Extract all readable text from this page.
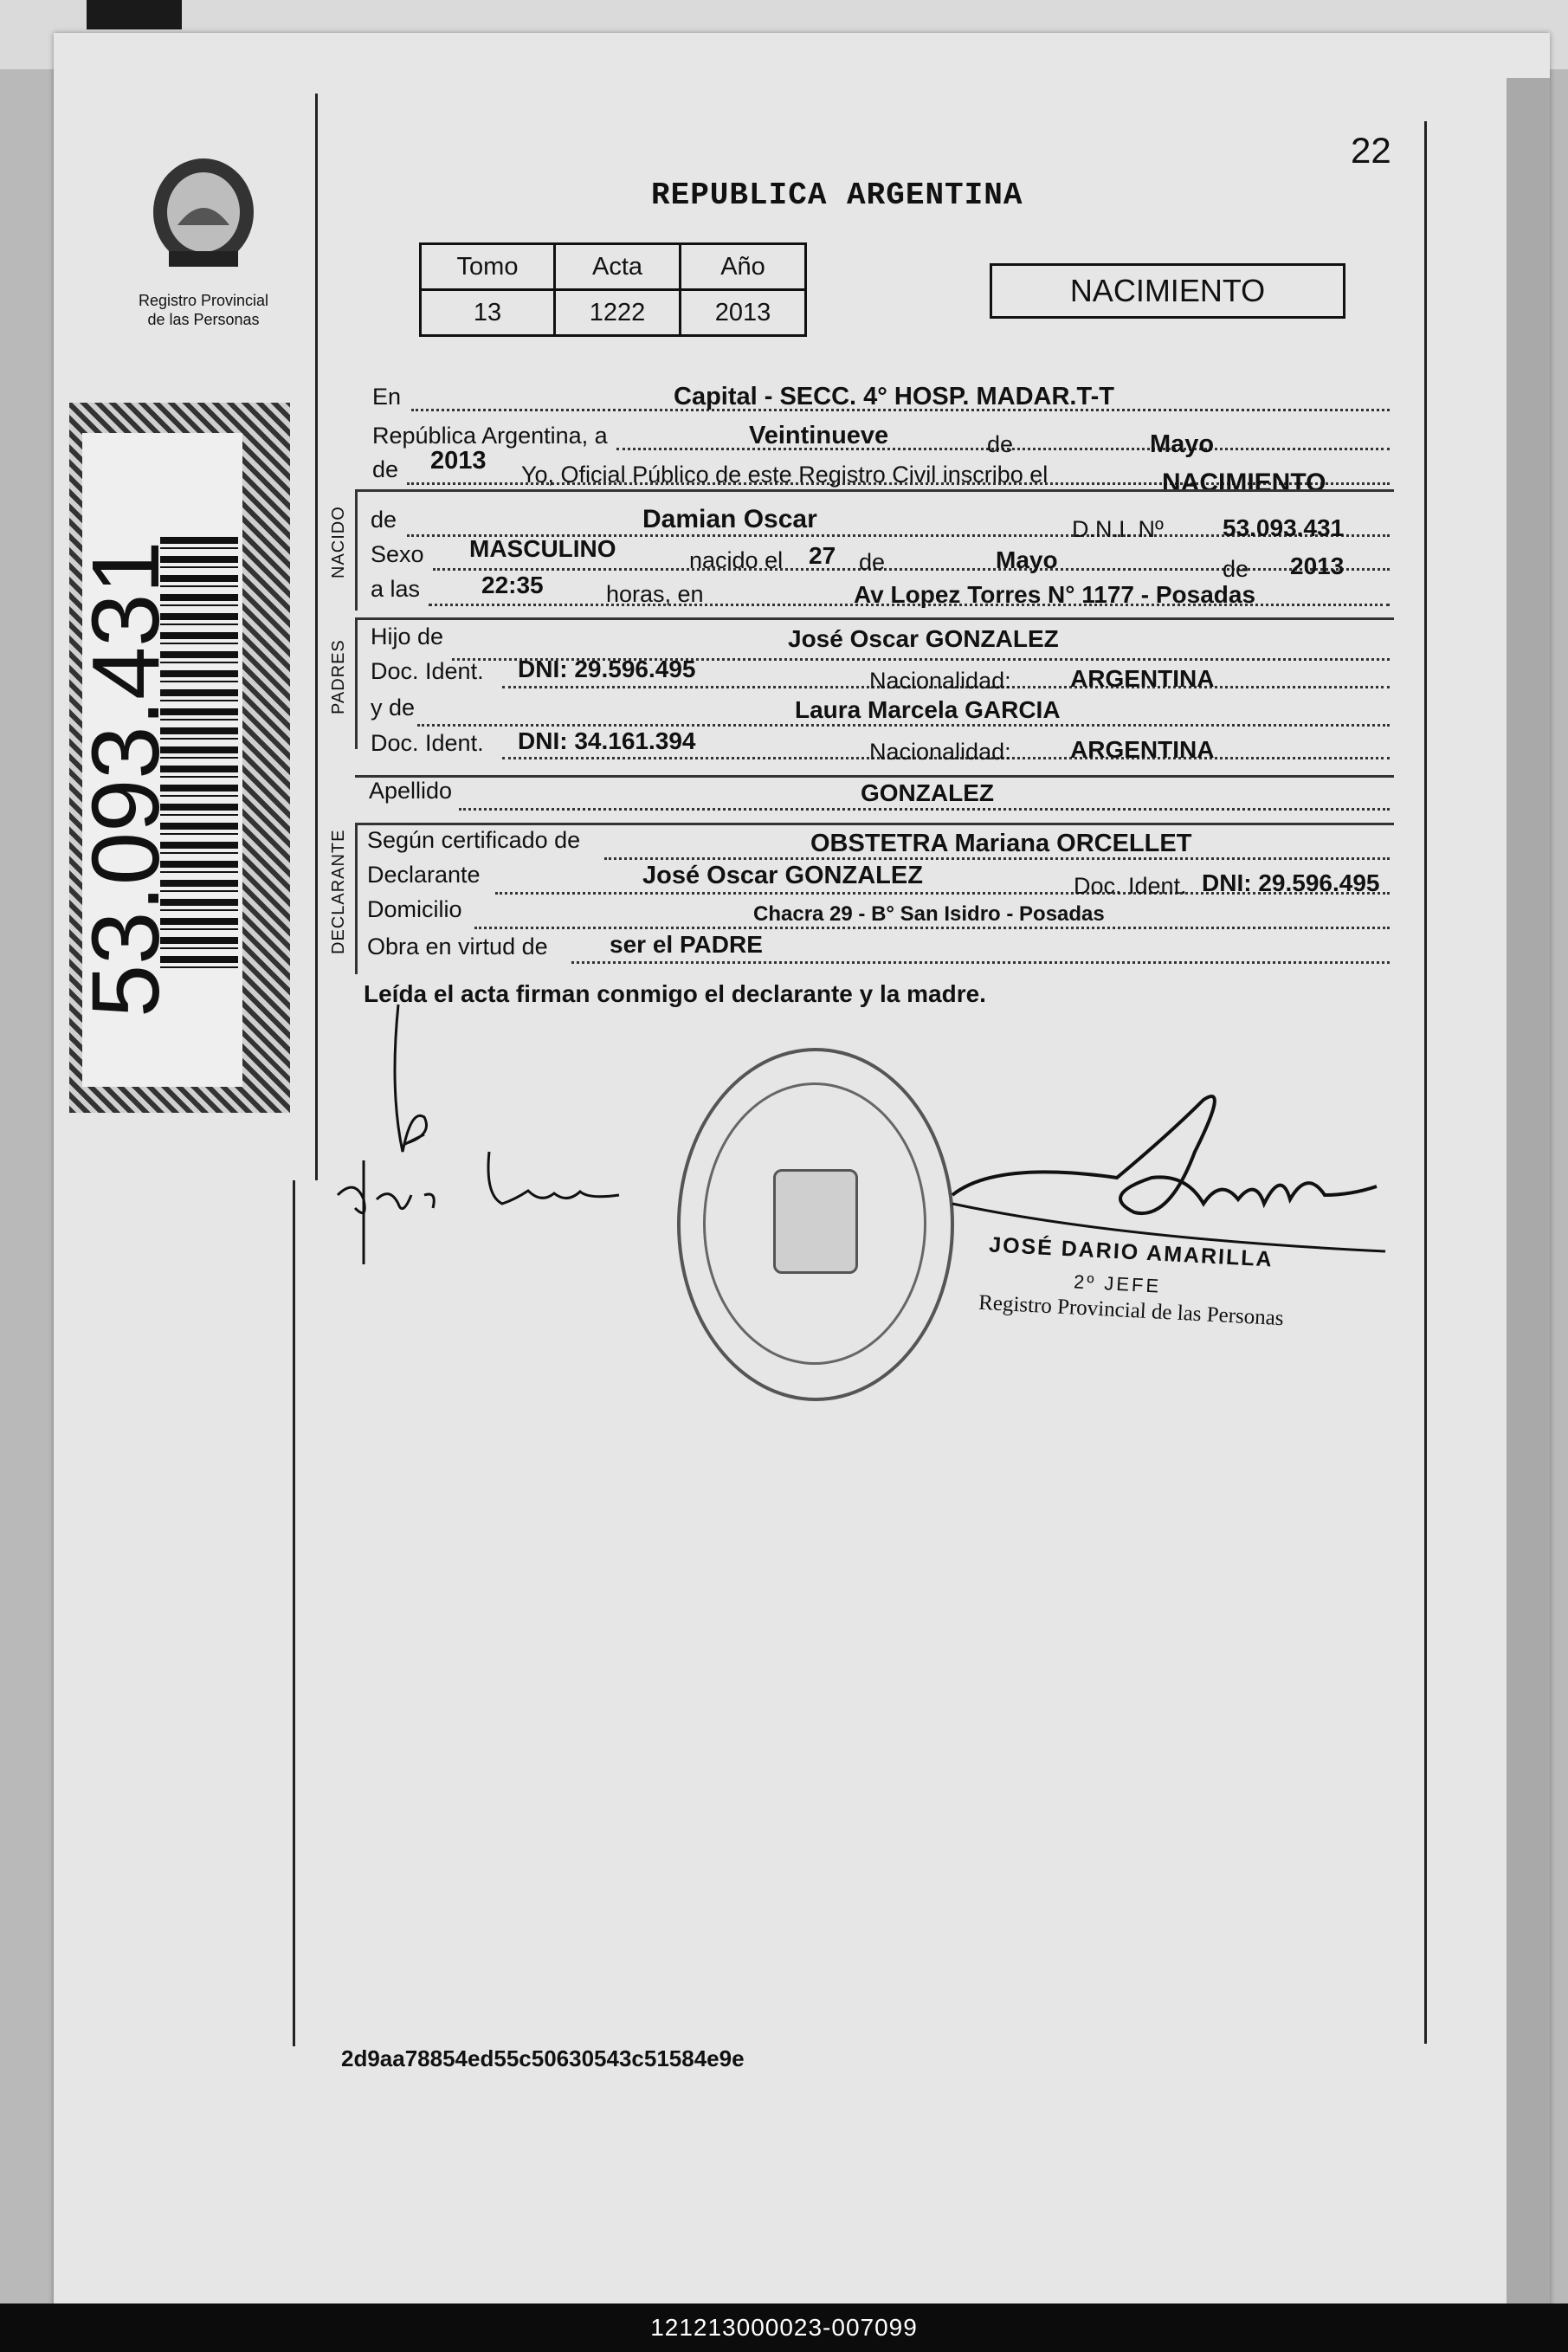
Registro Provincial
de las Personas
53.093.431
22
REPUBLICA ARGENTINA
Tomo	Acta	Año
13	1222	2013
NACIMIENTO
NACIDO
PADRES
DECLARANTE
En	Capital - SECC. 4° HOSP. MADAR.T-T
República Argentina, a	Veintinueve	de	Mayo
de 2013 Yo, Oficial Público de este Registro Civil inscribo el	NACIMIENTO
de	Damian Oscar	D.N.I. Nº 53.093.431
Sexo MASCULINO	nacido el 27 de	Mayo	de 2013
a las	22:35	horas, en	Av Lopez Torres N° 1177 - Posadas
Hijo de	José Oscar GONZALEZ
Doc. Ident. DNI: 29.596.495	Nacionalidad: ARGENTINA
y de	Laura Marcela GARCIA
Doc. Ident. DNI: 34.161.394	Nacionalidad: ARGENTINA
Apellido	GONZALEZ
Según certificado de	OBSTETRA Mariana ORCELLET
Declarante	José Oscar GONZALEZ	Doc. Ident. DNI: 29.596.495
Domicilio	Chacra 29 - B° San Isidro - Posadas
Obra en virtud de	ser el PADRE
Leída el acta firman conmigo el declarante y la madre.
JOSÉ DARIO AMARILLA
2º JEFE
Registro Provincial de las Personas
2d9aa78854ed55c50630543c51584e9e
121213000023-007099
